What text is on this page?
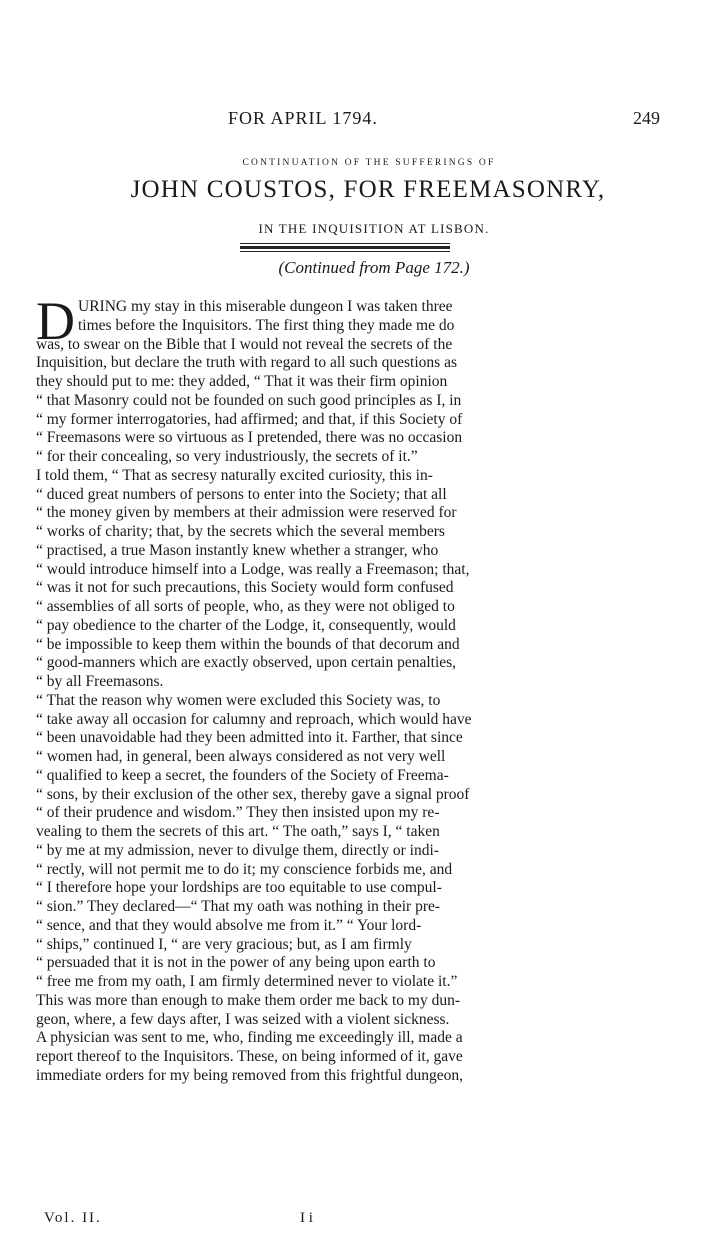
FOR APRIL 1794.	249
CONTINUATION OF THE SUFFERINGS OF
JOHN COUSTOS, FOR FREEMASONRY,
IN THE INQUISITION AT LISBON.
(Continued from Page 172.)
D URING my stay in this miserable dungeon I was taken three
times before the Inquisitors. The first thing they made me do
was, to swear on the Bible that I would not reveal the secrets of the
Inquisition, but declare the truth with regard to all such questions as
they should put to me: they added, “ That it was their firm opinion
“ that Masonry could not be founded on such good principles as I, in
“ my former interrogatories, had affirmed; and that, if this Society of
“ Freemasons were so virtuous as I pretended, there was no occasion
“ for their concealing, so very industriously, the secrets of it.”
I told them, “ That as secresy naturally excited curiosity, this in-
“ duced great numbers of persons to enter into the Society; that all
“ the money given by members at their admission were reserved for
“ works of charity; that, by the secrets which the several members
“ practised, a true Mason instantly knew whether a stranger, who
“ would introduce himself into a Lodge, was really a Freemason; that,
“ was it not for such precautions, this Society would form confused
“ assemblies of all sorts of people, who, as they were not obliged to
“ pay obedience to the charter of the Lodge, it, consequently, would
“ be impossible to keep them within the bounds of that decorum and
“ good-manners which are exactly observed, upon certain penalties,
“ by all Freemasons.
“ That the reason why women were excluded this Society was, to
“ take away all occasion for calumny and reproach, which would have
“ been unavoidable had they been admitted into it. Farther, that since
“ women had, in general, been always considered as not very well
“ qualified to keep a secret, the founders of the Society of Freema-
“ sons, by their exclusion of the other sex, thereby gave a signal proof
“ of their prudence and wisdom.” They then insisted upon my re-
vealing to them the secrets of this art. “ The oath,” says I, “ taken
“ by me at my admission, never to divulge them, directly or indi-
“ rectly, will not permit me to do it; my conscience forbids me, and
“ I therefore hope your lordships are too equitable to use compul-
“ sion.” They declared—“ That my oath was nothing in their pre-
“ sence, and that they would absolve me from it.” “ Your lord-
“ ships,” continued I, “ are very gracious; but, as I am firmly
“ persuaded that it is not in the power of any being upon earth to
“ free me from my oath, I am firmly determined never to violate it.”
This was more than enough to make them order me back to my dun-
geon, where, a few days after, I was seized with a violent sickness.
A physician was sent to me, who, finding me exceedingly ill, made a
report thereof to the Inquisitors. These, on being informed of it, gave
immediate orders for my being removed from this frightful dungeon,
Vol. II.	I i
